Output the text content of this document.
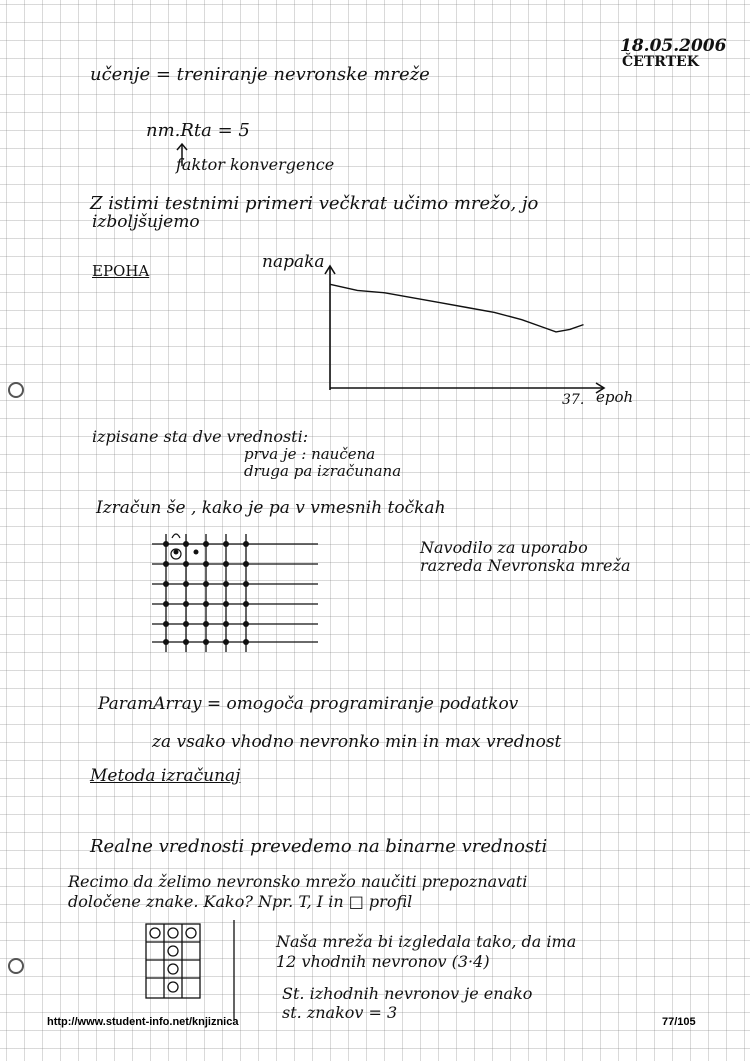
18.05.2006
ČETRTEK
učenje = treniranje nevronske mreže
nm.Rta = 5
faktor konvergence
Z istimi testnimi primeri večkrat učimo mrežo, jo
izboljšujemo
EPOHA	napaka
epoh
37.
izpisane sta dve vrednosti:
prva je : naučena
druga pa izračunana
Izračun še , kako je pa v vmesnih točkah
Navodilo za uporabo
razreda Nevronska mreža
ParamArray = omogoča programiranje podatkov
za vsako vhodno nevronko min in max vrednost
Metoda izračunaj
Realne vrednosti prevedemo na binarne vrednosti
Recimo da želimo nevronsko mrežo naučiti prepoznavati
določene znake. Kako? Npr. T, I in □ profil
Naša mreža bi izgledala tako, da ima
12 vhodnih nevronov (3·4)
St. izhodnih nevronov je enako
st. znakov = 3
http://www.student-info.net/knjiznica	77/105
